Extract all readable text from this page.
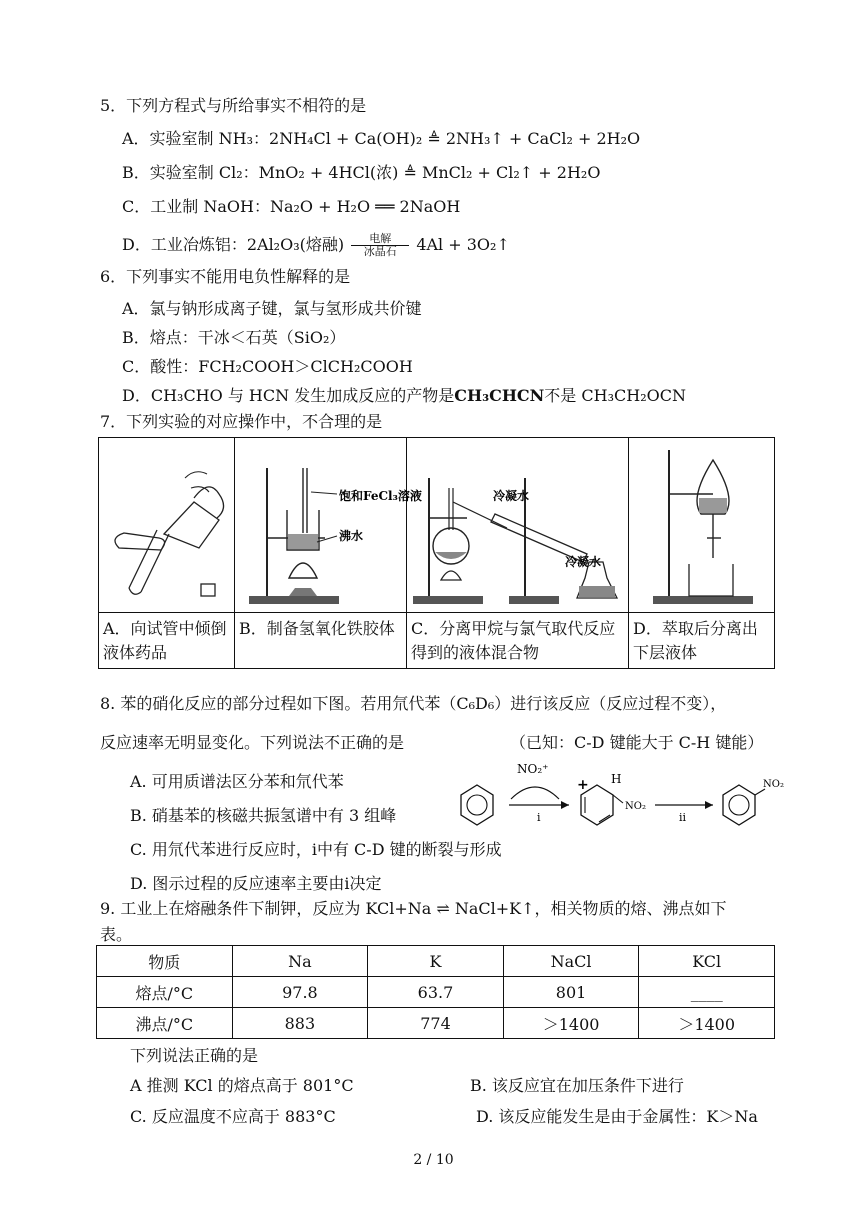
5．下列方程式与所给事实不相符的是
A．实验室制 NH₃：2NH₄Cl + Ca(OH)₂ ≜ 2NH₃↑ + CaCl₂ + 2H₂O
B．实验室制 Cl₂：MnO₂ + 4HCl(浓) ≜ MnCl₂ + Cl₂↑ + 2H₂O
C．工业制 NaOH：Na₂O + H₂O ══ 2NaOH
D．工业冶炼铝：2Al₂O₃(熔融)	电解
冰晶石	4Al + 3O₂↑
6．下列事实不能用电负性解释的是
A．氯与钠形成离子键，氯与氢形成共价键
B．熔点：干冰＜石英（SiO₂）
C．酸性：FCH₂COOH＞ClCH₂COOH
D．CH₃CHO 与 HCN 发生加成反应的产物是CH₃CHCN不是 CH₃CH₂OCN
7．下列实验的对应操作中，不合理的是

饱和FeCl₃溶液
沸水	冷凝水
冷凝水

A．向试管中倾倒液体药品	B．制备氢氧化铁胶体	C．分离甲烷与氯气取代反应得到的液体混合物	D．萃取后分离出下层液体
8. 苯的硝化反应的部分过程如下图。若用氘代苯（C₆D₆）进行该反应（反应过程不变），
反应速率无明显变化。下列说法不正确的是	（已知：C-D 键能大于 C-H 键能）
A. 可用质谱法区分苯和氘代苯
B. 硝基苯的核磁共振氢谱中有 3 组峰
C. 用氘代苯进行反应时，i中有 C-D 键的断裂与形成
D. 图示过程的反应速率主要由i决定
NO₂⁺
i
+ H
NO₂
ii
NO₂
9. 工业上在熔融条件下制钾，反应为 KCl+Na ⇌ NaCl+K↑，相关物质的熔、沸点如下
表。
物质	Na	K	NaCl	KCl
熔点/°C	97.8	63.7	801	____
沸点/°C	883	774	＞1400	＞1400
下列说法正确的是
A 推测 KCl 的熔点高于 801°C	B. 该反应宜在加压条件下进行
C. 反应温度不应高于 883°C	D. 该反应能发生是由于金属性：K＞Na
2 / 10
